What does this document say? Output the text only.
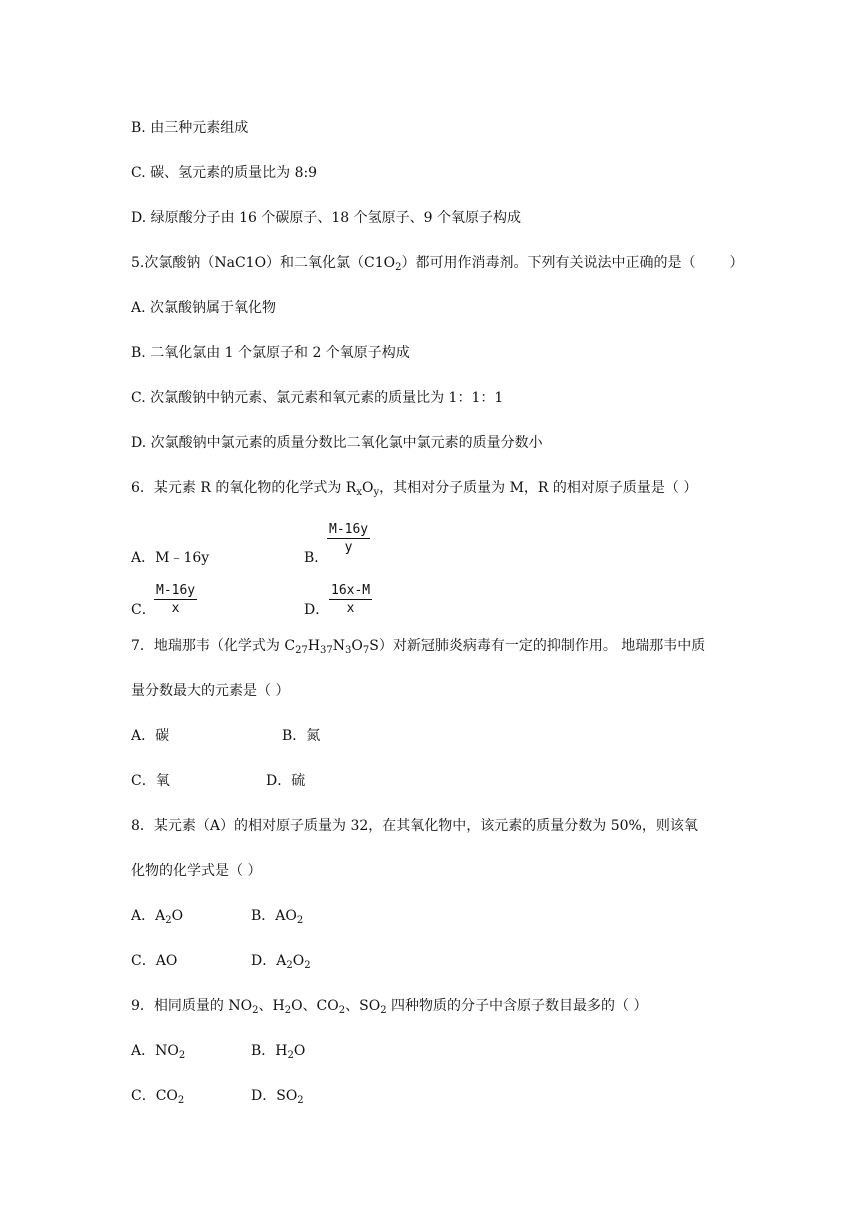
B. 由三种元素组成
C. 碳、氢元素的质量比为 8:9
D. 绿原酸分子由 16 个碳原子、18 个氢原子、9 个氧原子构成
5.次氯酸钠（NaC1O）和二氧化氯$(C1O_2)$都可用作消毒剂。下列有关说法中正确的是（ ）
A. 次氯酸钠属于氧化物
B. 二氧化氯由 1 个氯原子和 2 个氧原子构成
C. 次氯酸钠中钠元素、氯元素和氧元素的质量比为 1：1：1
D. 次氯酸钠中氯元素的质量分数比二氧化氯中氯元素的质量分数小
6．某元素 R 的氧化物的化学式为 $R_xO_y$，其相对分子质量为 M，R 的相对原子质量是（ ）
A．M﹣16y	B．
$\frac{M-16y}{y}$
C．
$\frac{M-16y}{x}$	D． $\frac{16x-M}{x}$
7．地瑞那韦（化学式为 $C_{27}H_{37}N_3O_7S$）对新冠肺炎病毒有一定的抑制作用。 地瑞那韦中质
量分数最大的元素是（ ）
A．碳	B．氮
C．氧	D．硫
8．某元素（A）的相对原子质量为 32，在其氧化物中，该元素的质量分数为 50%，则该氧
化物的化学式是（ ）
A．$A_2O$	B．$AO_2$
C．AO	D．$A_2O_2$
9．相同质量的 $NO_2$、$H_2O$、$CO_2$、$SO_2$ 四种物质的分子中含原子数目最多的（ ）
A．$NO_2$	B．$H_2O$
C．$CO_2$	D．$SO_2$
